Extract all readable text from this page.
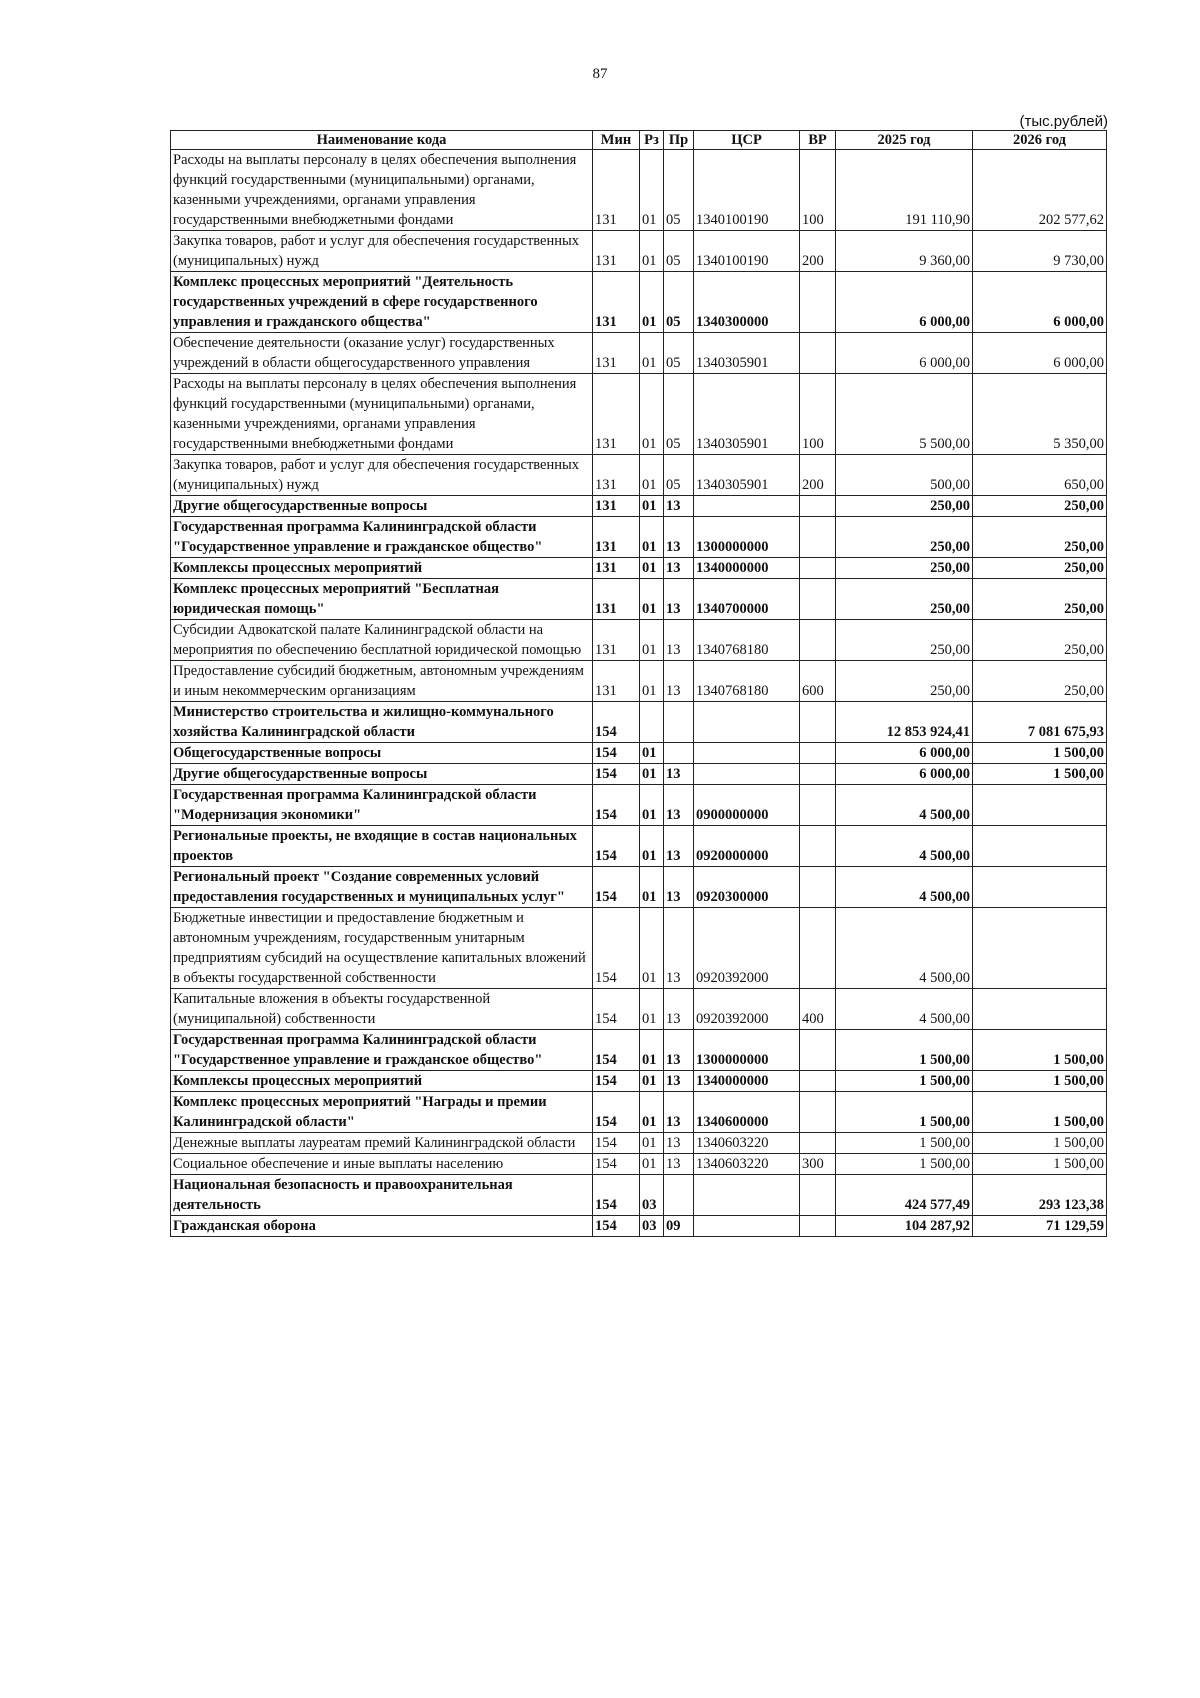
87
(тыс.рублей)
Наименование кода	Мин	Рз	Пр	ЦСР	ВР	2025 год	2026 год
Расходы на выплаты персоналу в целях обеспечения выполнения функций государственными (муниципальными) органами, казенными учреждениями, органами управления государственными внебюджетными фондами	131	01	05	1340100190	100	191 110,90	202 577,62
Закупка товаров, работ и услуг для обеспечения государственных (муниципальных) нужд	131	01	05	1340100190	200	9 360,00	9 730,00
Комплекс процессных мероприятий "Деятельность государственных учреждений в сфере государственного управления и гражданского общества"	131	01	05	1340300000		6 000,00	6 000,00
Обеспечение деятельности (оказание услуг) государственных учреждений в области общегосударственного управления	131	01	05	1340305901		6 000,00	6 000,00
Расходы на выплаты персоналу в целях обеспечения выполнения функций государственными (муниципальными) органами, казенными учреждениями, органами управления государственными внебюджетными фондами	131	01	05	1340305901	100	5 500,00	5 350,00
Закупка товаров, работ и услуг для обеспечения государственных (муниципальных) нужд	131	01	05	1340305901	200	500,00	650,00
Другие общегосударственные вопросы	131	01	13			250,00	250,00
Государственная программа Калининградской области "Государственное управление и гражданское общество"	131	01	13	1300000000		250,00	250,00
Комплексы процессных мероприятий	131	01	13	1340000000		250,00	250,00
Комплекс процессных мероприятий "Бесплатная юридическая помощь"	131	01	13	1340700000		250,00	250,00
Субсидии Адвокатской палате Калининградской области на мероприятия по обеспечению бесплатной юридической помощью	131	01	13	1340768180		250,00	250,00
Предоставление субсидий бюджетным, автономным учреждениям и иным некоммерческим организациям	131	01	13	1340768180	600	250,00	250,00
Министерство строительства и жилищно-коммунального хозяйства Калининградской области	154					12 853 924,41	7 081 675,93
Общегосударственные вопросы	154	01				6 000,00	1 500,00
Другие общегосударственные вопросы	154	01	13			6 000,00	1 500,00
Государственная программа Калининградской области "Модернизация экономики"	154	01	13	0900000000		4 500,00	
Региональные проекты, не входящие в состав национальных проектов	154	01	13	0920000000		4 500,00	
Региональный проект "Создание современных условий предоставления государственных и муниципальных услуг"	154	01	13	0920300000		4 500,00	
Бюджетные инвестиции и предоставление бюджетным и автономным учреждениям, государственным унитарным предприятиям субсидий на осуществление капитальных вложений в объекты государственной собственности	154	01	13	0920392000		4 500,00	
Капитальные вложения в объекты государственной (муниципальной) собственности	154	01	13	0920392000	400	4 500,00	
Государственная программа Калининградской области "Государственное управление и гражданское общество"	154	01	13	1300000000		1 500,00	1 500,00
Комплексы процессных мероприятий	154	01	13	1340000000		1 500,00	1 500,00
Комплекс процессных мероприятий "Награды и премии Калининградской области"	154	01	13	1340600000		1 500,00	1 500,00
Денежные выплаты лауреатам премий Калининградской области	154	01	13	1340603220		1 500,00	1 500,00
Социальное обеспечение и иные выплаты населению	154	01	13	1340603220	300	1 500,00	1 500,00
Национальная безопасность и правоохранительная деятельность	154	03				424 577,49	293 123,38
Гражданская оборона	154	03	09			104 287,92	71 129,59
